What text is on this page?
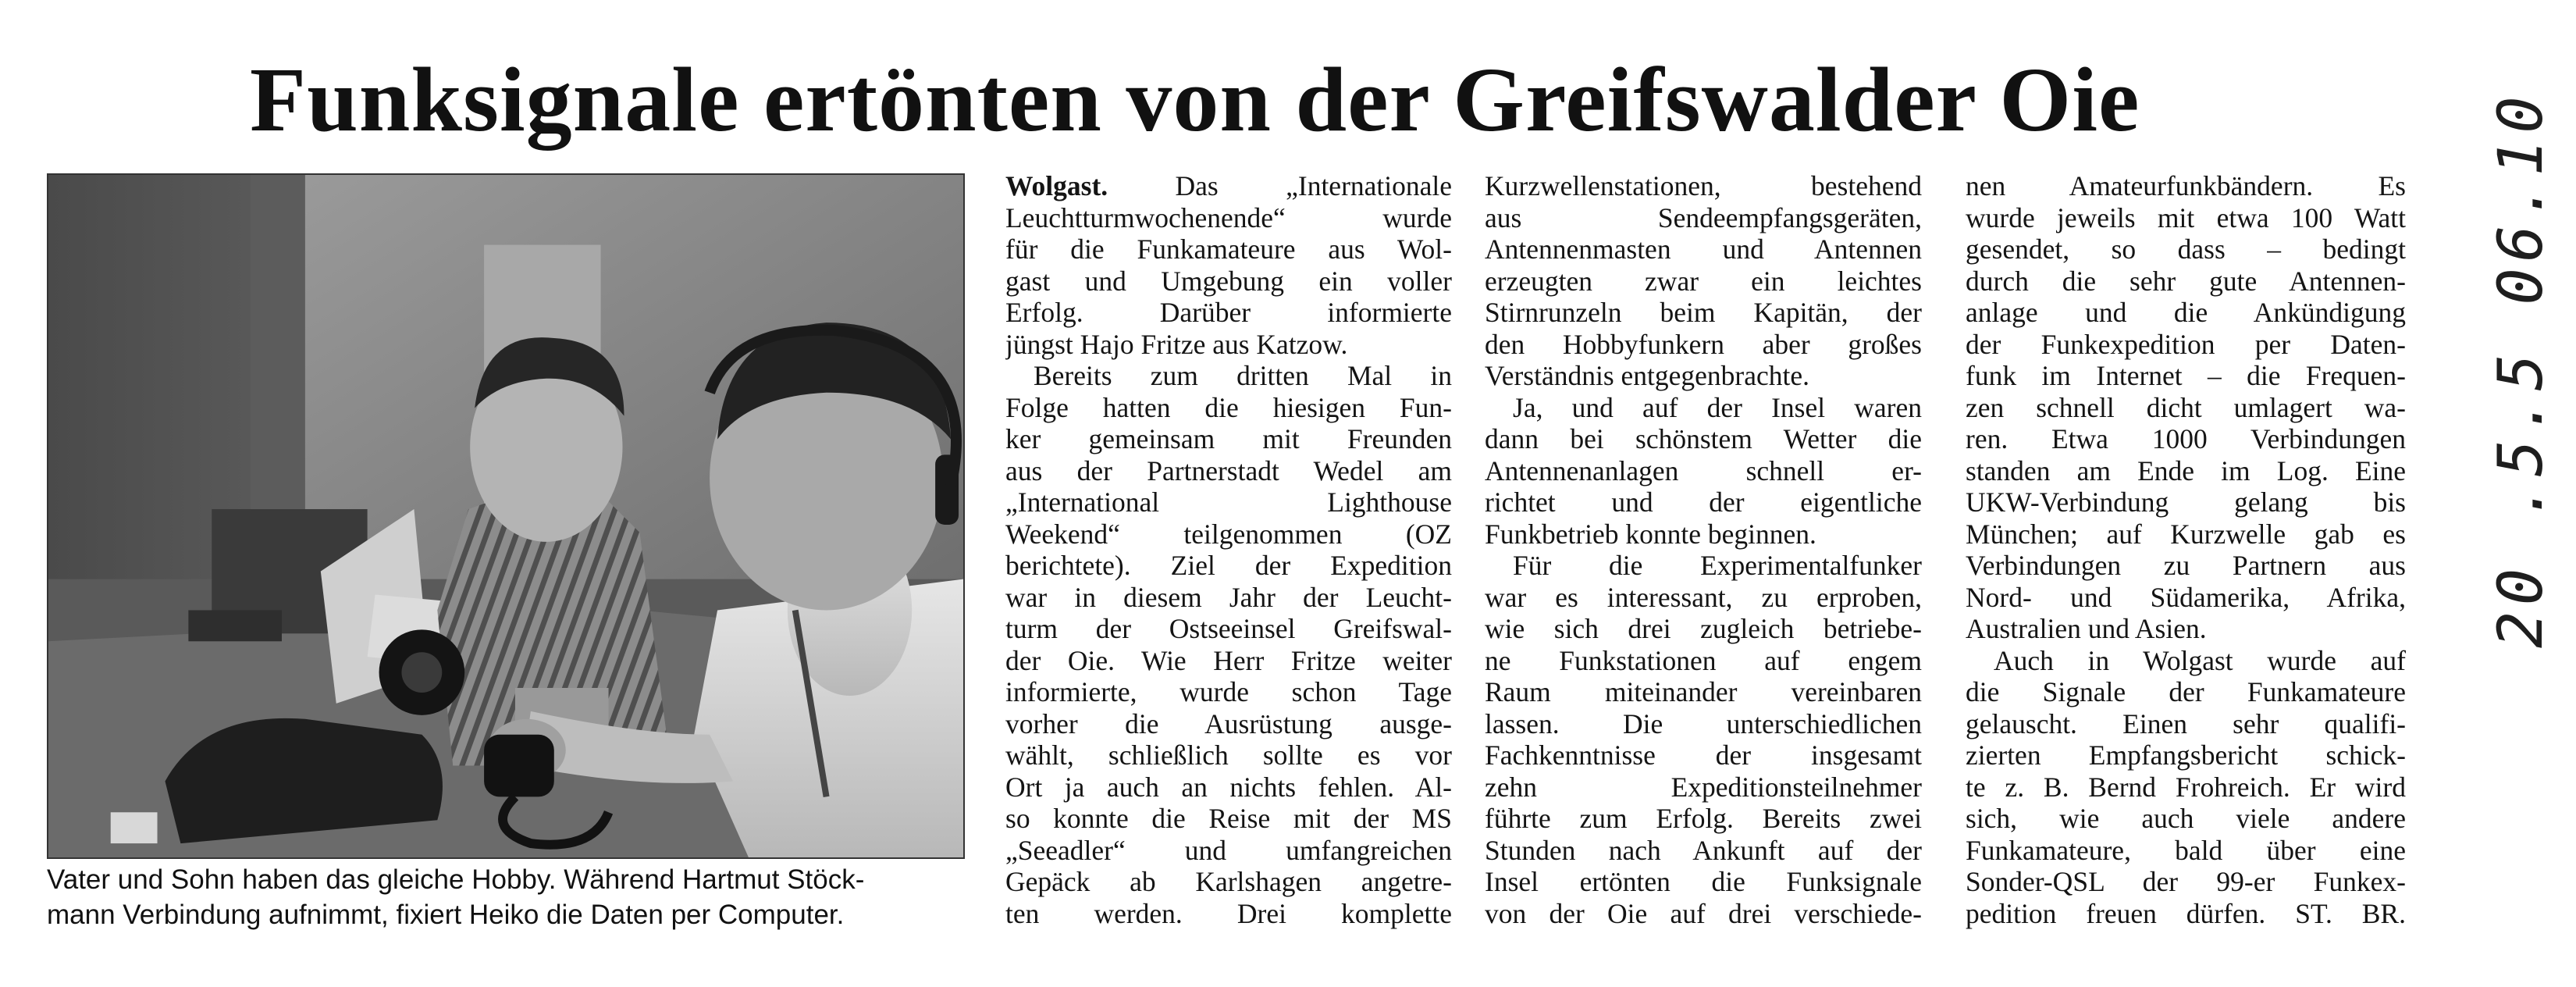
Funksignale ertönten von der Greifswalder Oie

Vater und Sohn haben das gleiche Hobby. Während Hartmut Stöck-

mann Verbindung aufnimmt, fixiert Heiko die Daten per Computer.

Wolgast. Das „Internationale
Leuchtturmwochenende“ wurde
für die Funkamateure aus Wol-
gast und Umgebung ein voller
Erfolg. Darüber informierte
jüngst Hajo Fritze aus Katzow.
Bereits zum dritten Mal in
Folge hatten die hiesigen Fun-
ker gemeinsam mit Freunden
aus der Partnerstadt Wedel am
„International Lighthouse
Weekend“ teilgenommen (OZ
berichtete). Ziel der Expedition
war in diesem Jahr der Leucht-
turm der Ostseeinsel Greifswal-
der Oie. Wie Herr Fritze weiter
informierte, wurde schon Tage
vorher die Ausrüstung ausge-
wählt, schließlich sollte es vor
Ort ja auch an nichts fehlen. Al-
so konnte die Reise mit der MS
„Seeadler“ und umfangreichen
Gepäck ab Karlshagen angetre-
ten werden. Drei komplette
Kurzwellenstationen, bestehend
aus Sendeempfangsgeräten,
Antennenmasten und Antennen
erzeugten zwar ein leichtes
Stirnrunzeln beim Kapitän, der
den Hobbyfunkern aber großes
Verständnis entgegenbrachte.
Ja, und auf der Insel waren
dann bei schönstem Wetter die
Antennenanlagen schnell er-
richtet und der eigentliche
Funkbetrieb konnte beginnen.
Für die Experimentalfunker
war es interessant, zu erproben,
wie sich drei zugleich betriebe-
ne Funkstationen auf engem
Raum miteinander vereinbaren
lassen. Die unterschiedlichen
Fachkenntnisse der insgesamt
zehn Expeditionsteilnehmer
führte zum Erfolg. Bereits zwei
Stunden nach Ankunft auf der
Insel ertönten die Funksignale
von der Oie auf drei verschiede-
nen Amateurfunkbändern. Es
wurde jeweils mit etwa 100 Watt
gesendet, so dass – bedingt
durch die sehr gute Antennen-
anlage und die Ankündigung
der Funkexpedition per Daten-
funk im Internet – die Frequen-
zen schnell dicht umlagert wa-
ren. Etwa 1000 Verbindungen
standen am Ende im Log. Eine
UKW-Verbindung gelang bis
München; auf Kurzwelle gab es
Verbindungen zu Partnern aus
Nord- und Südamerika, Afrika,
Australien und Asien.
Auch in Wolgast wurde auf
die Signale der Funkamateure
gelauscht. Einen sehr qualifi-
zierten Empfangsbericht schick-
te z. B. Bernd Frohreich. Er wird
sich, wie auch viele andere
Funkamateure, bald über eine
Sonder-QSL der 99-er Funkex-
pedition freuen dürfen. ST. BR.
20 .5.5 06.10
